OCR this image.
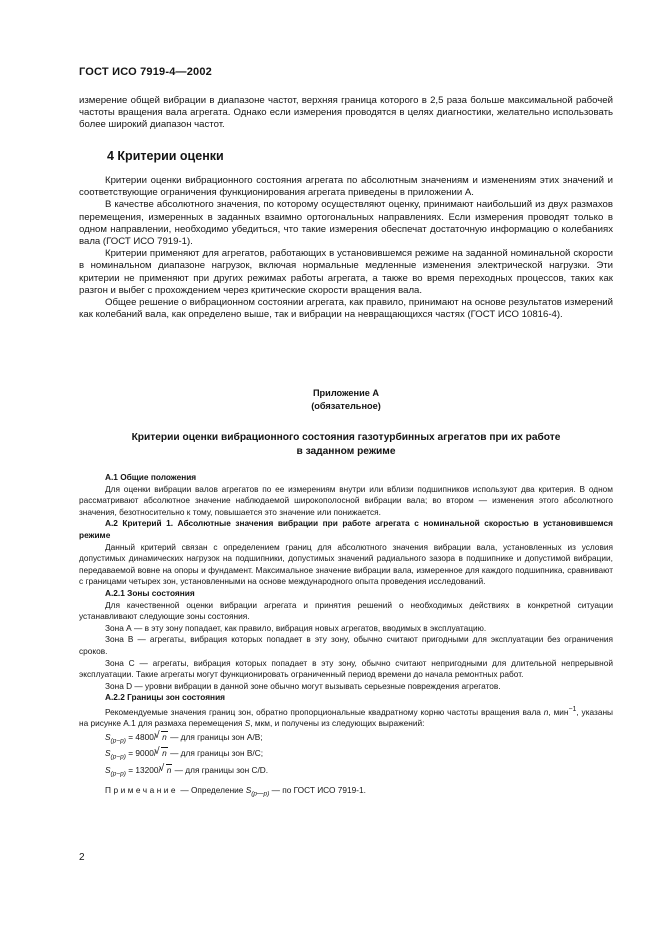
ГОСТ ИСО 7919-4—2002
измерение общей вибрации в диапазоне частот, верхняя граница которого в 2,5 раза больше максимальной рабочей частоты вращения вала агрегата. Однако если измерения проводятся в целях диагностики, желательно использовать более широкий диапазон частот.
4 Критерии оценки

Критерии оценки вибрационного состояния агрегата по абсолютным значениям и изменениям этих значений и соответствующие ограничения функционирования агрегата приведены в приложении А.

В качестве абсолютного значения, по которому осуществляют оценку, принимают наибольший из двух размахов перемещения, измеренных в заданных взаимно ортогональных направлениях. Если измерения проводят только в одном направлении, необходимо убедиться, что такие измерения обеспечат достаточную информацию о колебаниях вала (ГОСТ ИСО 7919-1).

Критерии применяют для агрегатов, работающих в установившемся режиме на заданной номинальной скорости в номинальном диапазоне нагрузок, включая нормальные медленные изменения электрической нагрузки. Эти критерии не применяют при других режимах работы агрегата, а также во время переходных процессов, таких как разгон и выбег с прохождением через критические скорости вращения вала.

Общее решение о вибрационном состоянии агрегата, как правило, принимают на основе результатов измерений как колебаний вала, как определено выше, так и вибрации на невращающихся частях (ГОСТ ИСО 10816-4).

Приложение А
(обязательное)
Критерии оценки вибрационного состояния газотурбинных агрегатов при их работе
в заданном режиме

А.1 Общие положения

Для оценки вибрации валов агрегатов по ее измерениям внутри или вблизи подшипников используют два критерия. В одном рассматривают абсолютное значение наблюдаемой широкополосной вибрации вала; во втором — изменения этого абсолютного значения, безотносительно к тому, повышается это значение или понижается.

А.2 Критерий 1. Абсолютные значения вибрации при работе агрегата с номинальной скоростью в установившемся режиме

Данный критерий связан с определением границ для абсолютного значения вибрации вала, установленных из условия допустимых динамических нагрузок на подшипники, допустимых значений радиального зазора в подшипнике и допустимой вибрации, передаваемой вовне на опоры и фундамент. Максимальное значение вибрации вала, измеренное для каждого подшипника, сравнивают с границами четырех зон, установленными на основе международного опыта проведения исследований.

А.2.1 Зоны состояния

Для качественной оценки вибрации агрегата и принятия решений о необходимых действиях в конкретной ситуации устанавливают следующие зоны состояния.

Зона А — в эту зону попадает, как правило, вибрация новых агрегатов, вводимых в эксплуатацию.

Зона В — агрегаты, вибрация которых попадает в эту зону, обычно считают пригодными для эксплуатации без ограничения сроков.

Зона С — агрегаты, вибрация которых попадает в эту зону, обычно считают непригодными для длительной непрерывной эксплуатации. Такие агрегаты могут функционировать ограниченный период времени до начала ремонтных работ.

Зона D — уровни вибрации в данной зоне обычно могут вызывать серьезные повреждения агрегатов.

А.2.2 Границы зон состояния

Рекомендуемые значения границ зон, обратно пропорциональные квадратному корню частоты вращения вала n, мин$^{-1}$, указаны на рисунке А.1 для размаха перемещения S, мкм, и получены из следующих выражений:

$S_{(p-p)} = 4800/√$ n — для границы зон А/В;
$S_{(p-p)} = 9000/√$ n — для границы зон В/С;
$S_{(p-p)} = 13200/√$ n — для границы зон С/D.

Примечание — Определение $S_{(p—p)}$ — по ГОСТ ИСО 7919-1.

2
